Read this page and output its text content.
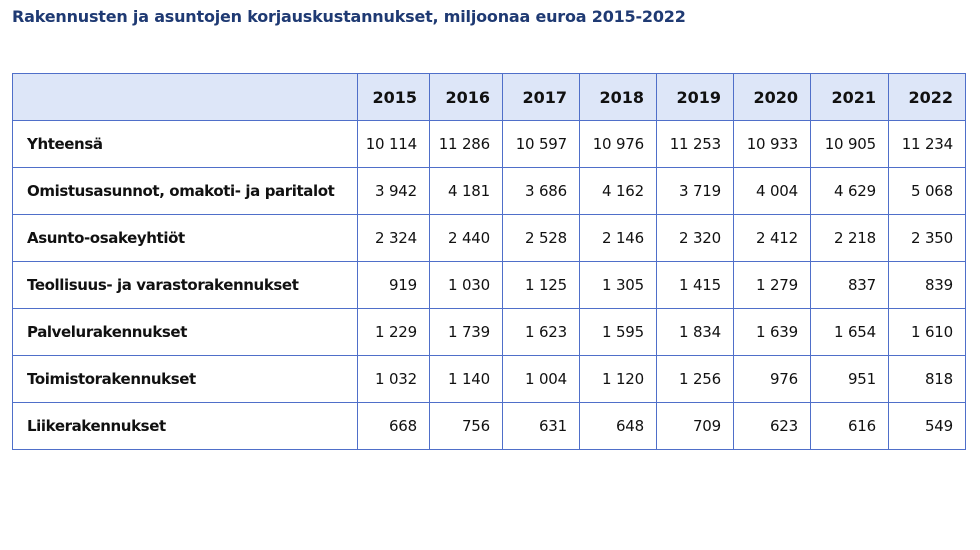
Rakennusten ja asuntojen korjauskustannukset, miljoonaa euroa 2015-2022
	2015	2016	2017	2018	2019	2020	2021	2022
Yhteensä	10 114	11 286	10 597	10 976	11 253	10 933	10 905	11 234
Omistusasunnot, omakoti- ja paritalot	3 942	4 181	3 686	4 162	3 719	4 004	4 629	5 068
Asunto-osakeyhtiöt	2 324	2 440	2 528	2 146	2 320	2 412	2 218	2 350
Teollisuus- ja varastorakennukset	919	1 030	1 125	1 305	1 415	1 279	837	839
Palvelurakennukset	1 229	1 739	1 623	1 595	1 834	1 639	1 654	1 610
Toimistorakennukset	1 032	1 140	1 004	1 120	1 256	976	951	818
Liikerakennukset	668	756	631	648	709	623	616	549
